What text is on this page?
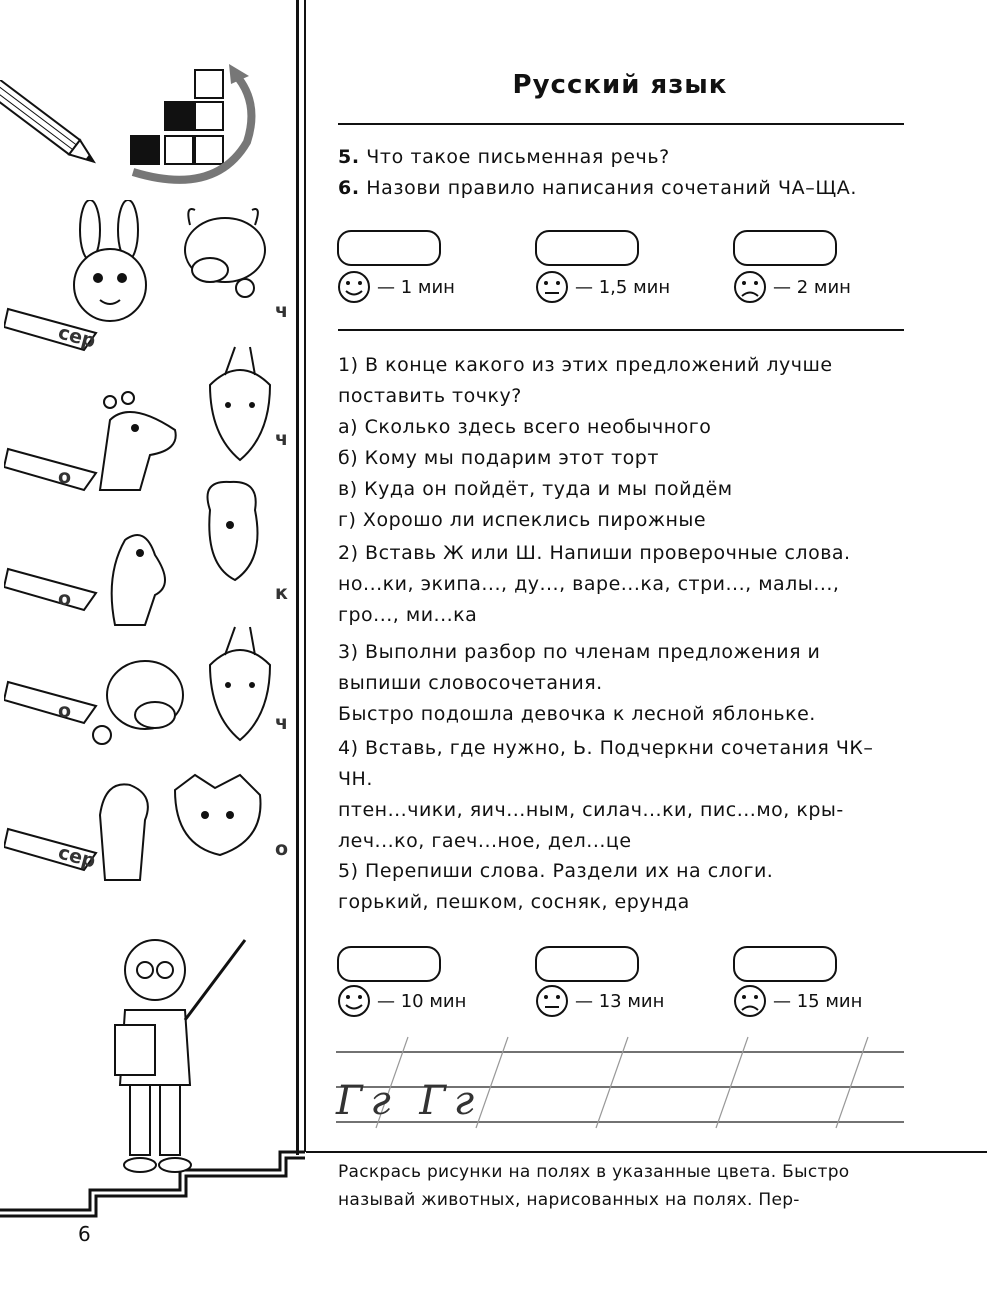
сер
ч
ч
о
о	к
о
ч
сер	о
Русский язык
5. Что такое письменная речь?
6. Назови правило написания сочетаний ЧА–ЩА.
— 1 мин	— 1,5 мин	— 2 мин

1) В конце какого из этих предложений лучше поставить точку?

а) Сколько здесь всего необычного

б) Кому мы подарим этот торт

в) Куда он пойдёт, туда и мы пойдём

г) Хорошо ли испеклись пирожные

2) Вставь Ж или Ш. Напиши проверочные слова.

но...ки, экипа..., ду..., варе...ка, стри..., малы..., гро..., ми...ка

3) Выполни разбор по членам предложения и выпиши словосочетания.

Быстро подошла девочка к лесной яблоньке.

4) Вставь, где нужно, Ь. Подчеркни сочетания ЧК–ЧН.

птен...чики, яич...ным, силач...ки, пис...мо, кры-леч...ко, гаеч...ное, дел...це

5) Перепиши слова. Раздели их на слоги.

горький, пешком, сосняк, ерунда

— 10 мин	— 13 мин	— 15 мин
Гг Гг
Раскрась рисунки на полях в указанные цвета. Быстро называй животных, нарисованных на полях. Пер-
6
